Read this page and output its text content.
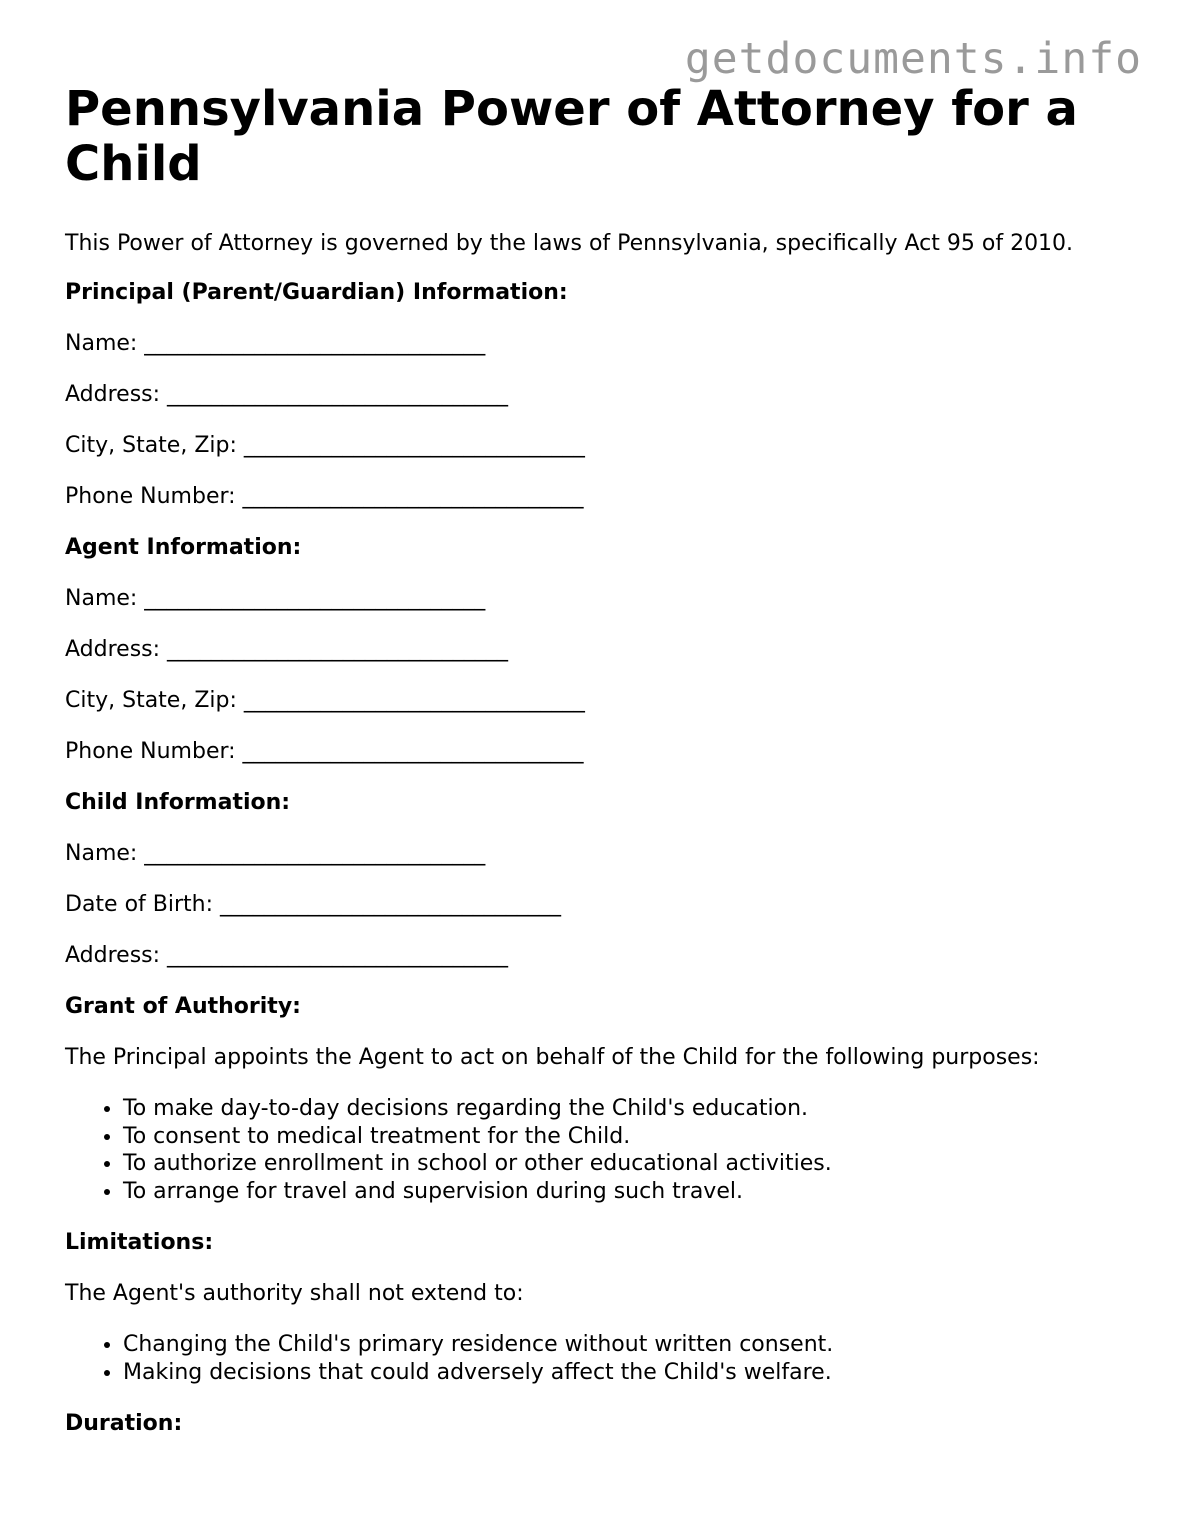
getdocuments.info
Pennsylvania Power of Attorney for a Child

This Power of Attorney is governed by the laws of Pennsylvania, specifically Act 95 of 2010.

Principal (Parent/Guardian) Information:

Name: _______________________________

Address: _______________________________

City, State, Zip: _______________________________

Phone Number: _______________________________

Agent Information:

Name: _______________________________

Address: _______________________________

City, State, Zip: _______________________________

Phone Number: _______________________________

Child Information:

Name: _______________________________

Date of Birth: _______________________________

Address: _______________________________

Grant of Authority:

The Principal appoints the Agent to act on behalf of the Child for the following purposes:

• To make day-to-day decisions regarding the Child's education.
• To consent to medical treatment for the Child.
• To authorize enrollment in school or other educational activities.
• To arrange for travel and supervision during such travel.

Limitations:

The Agent's authority shall not extend to:

• Changing the Child's primary residence without written consent.
• Making decisions that could adversely affect the Child's welfare.

Duration:
